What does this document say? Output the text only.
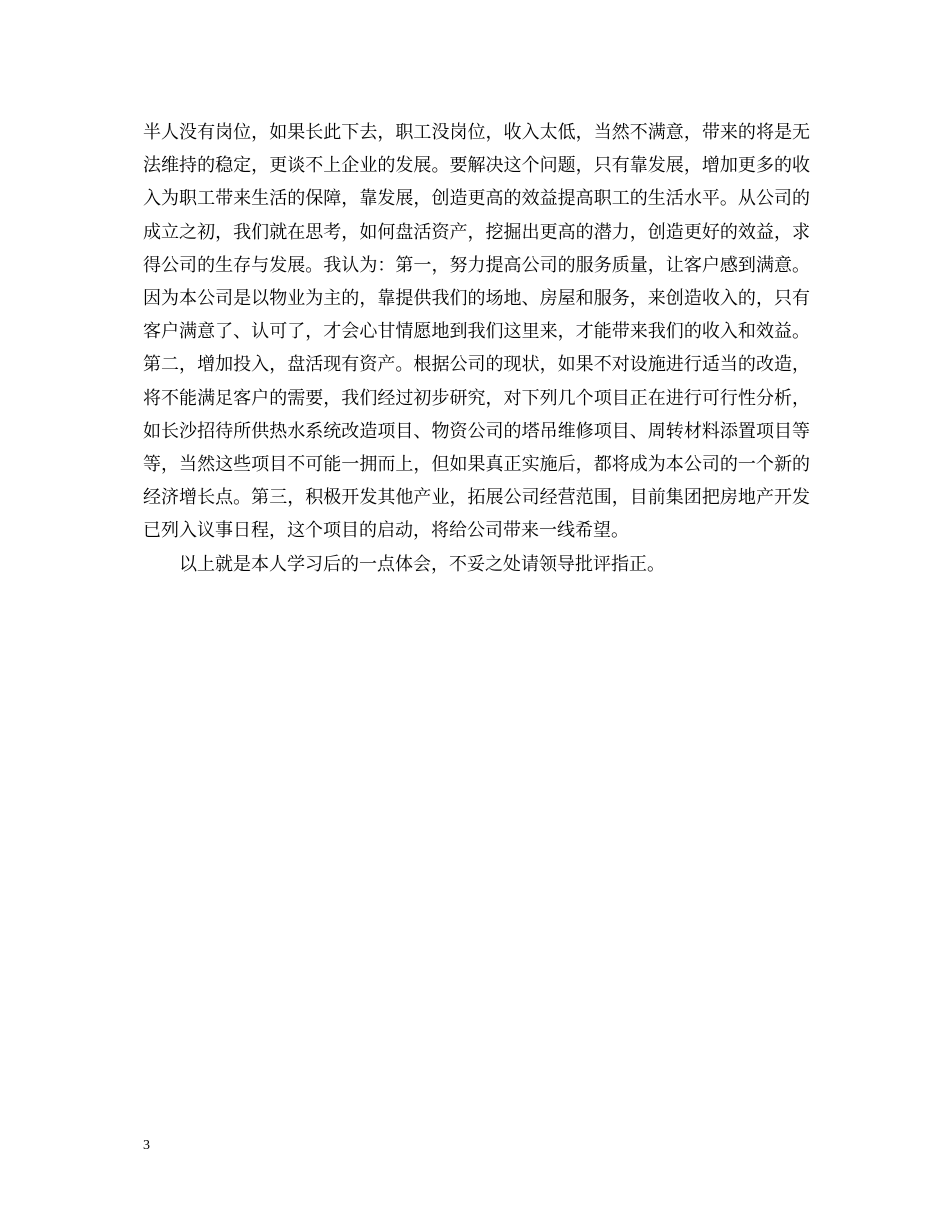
半人没有岗位，如果长此下去，职工没岗位，收入太低，当然不满意，带来的将是无法维持的稳定，更谈不上企业的发展。要解决这个问题，只有靠发展，增加更多的收入为职工带来生活的保障，靠发展，创造更高的效益提高职工的生活水平。从公司的成立之初，我们就在思考，如何盘活资产，挖掘出更高的潜力，创造更好的效益，求得公司的生存与发展。我认为：第一，努力提高公司的服务质量，让客户感到满意。因为本公司是以物业为主的，靠提供我们的场地、房屋和服务，来创造收入的，只有客户满意了、认可了，才会心甘情愿地到我们这里来，才能带来我们的收入和效益。第二，增加投入，盘活现有资产。根据公司的现状，如果不对设施进行适当的改造，将不能满足客户的需要，我们经过初步研究，对下列几个项目正在进行可行性分析，如长沙招待所供热水系统改造项目、物资公司的塔吊维修项目、周转材料添置项目等等，当然这些项目不可能一拥而上，但如果真正实施后，都将成为本公司的一个新的经济增长点。第三，积极开发其他产业，拓展公司经营范围，目前集团把房地产开发已列入议事日程，这个项目的启动，将给公司带来一线希望。

以上就是本人学习后的一点体会，不妥之处请领导批评指正。

3
